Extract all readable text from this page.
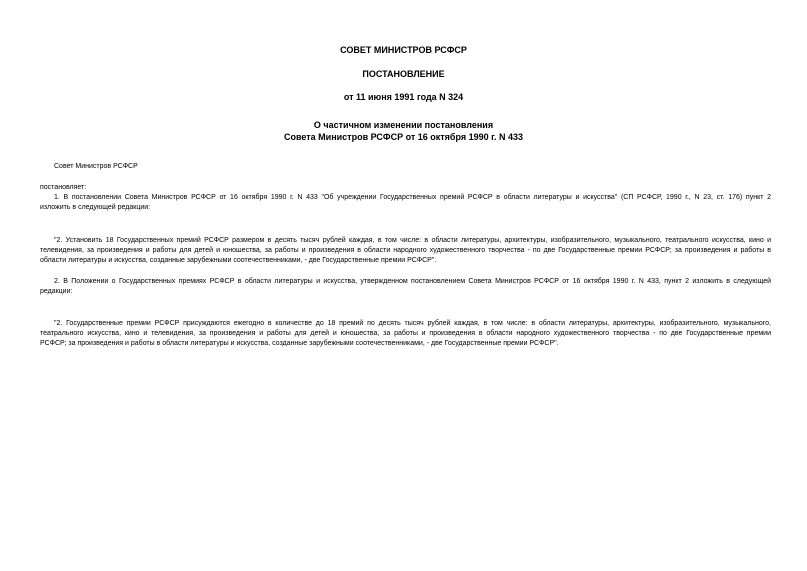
СОВЕТ МИНИСТРОВ РСФСР
ПОСТАНОВЛЕНИЕ
от 11 июня 1991 года N 324
О частичном изменении постановления
Совета Министров РСФСР от 16 октября 1990 г. N 433
Совет Министров РСФСР
постановляет:
1. В постановлении Совета Министров РСФСР от 16 октября 1990 г. N 433 "Об учреждении Государственных премий РСФСР в области литературы и искусства" (СП РСФСР, 1990 г., N 23, ст. 176) пункт 2
изложить в следующей редакции:
"2. Установить 18 Государственных премий РСФСР размером в десять тысяч рублей каждая, в том числе: в области литературы, архитектуры, изобразительного, музыкального, театрального искусства, кино и
телевидения, за произведения и работы для детей и юношества, за работы и произведения в области народного художественного творчества - по две Государственные премии РСФСР; за произведения и работы в
области литературы и искусства, созданные зарубежными соотечественниками, - две Государственные премии РСФСР".
2. В Положении о Государственных премиях РСФСР в области литературы и искусства, утвержденном постановлением Совета Министров РСФСР от 16 октября 1990 г. N 433, пункт 2 изложить в следующей
редакции:
"2. Государственные премии РСФСР присуждаются ежегодно в количестве до 18 премий по десять тысяч рублей каждая, в том числе: в области литературы, архитектуры, изобразительного, музыкального,
театрального искусства, кино и телевидения, за произведения и работы для детей и юношества, за работы и произведения в области народного художественного творчества - по две Государственные премии
РСФСР; за произведения и работы в области литературы и искусства, созданные зарубежными соотечественниками, - две Государственные премии РСФСР".
